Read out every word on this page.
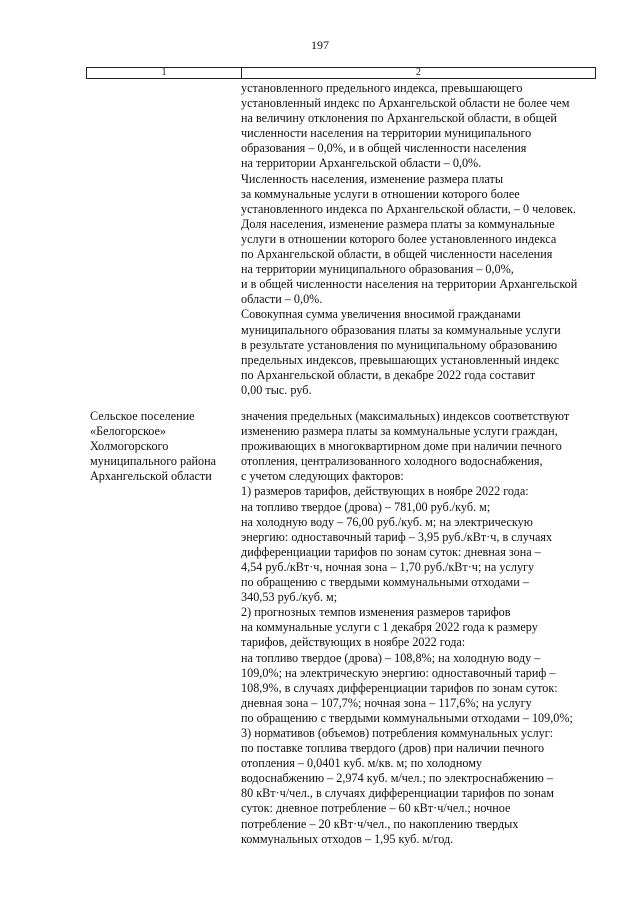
197
1	2
установленного предельного индекса, превышающего
установленный индекс по Архангельской области не более чем
на величину отклонения по Архангельской области, в общей
численности населения на территории муниципального
образования – 0,0%, и в общей численности населения
на территории Архангельской области – 0,0%.
Численность населения, изменение размера платы
за коммунальные услуги в отношении которого более
установленного индекса по Архангельской области, – 0 человек.
Доля населения, изменение размера платы за коммунальные
услуги в отношении которого более установленного индекса
по Архангельской области, в общей численности населения
на территории муниципального образования – 0,0%,
и в общей численности населения на территории Архангельской
области – 0,0%.
Совокупная сумма увеличения вносимой гражданами
муниципального образования платы за коммунальные услуги
в результате установления по муниципальному образованию
предельных индексов, превышающих установленный индекс
по Архангельской области, в декабре 2022 года составит
0,00 тыс. руб.
Сельское поселение
«Белогорское»
Холмогорского
муниципального района
Архангельской области
значения предельных (максимальных) индексов соответствуют
изменению размера платы за коммунальные услуги граждан,
проживающих в многоквартирном доме при наличии печного
отопления, централизованного холодного водоснабжения,
с учетом следующих факторов:
1) размеров тарифов, действующих в ноябре 2022 года:
на топливо твердое (дрова) – 781,00 руб./куб. м;
на холодную воду – 76,00 руб./куб. м; на электрическую
энергию: одноставочный тариф – 3,95 руб./кВт·ч, в случаях
дифференциации тарифов по зонам суток: дневная зона –
4,54 руб./кВт·ч, ночная зона – 1,70 руб./кВт·ч; на услугу
по обращению с твердыми коммунальными отходами –
340,53 руб./куб. м;
2) прогнозных темпов изменения размеров тарифов
на коммунальные услуги с 1 декабря 2022 года к размеру
тарифов, действующих в ноябре 2022 года:
на топливо твердое (дрова) – 108,8%; на холодную воду –
109,0%; на электрическую энергию: одноставочный тариф –
108,9%, в случаях дифференциации тарифов по зонам суток:
дневная зона – 107,7%; ночная зона – 117,6%; на услугу
по обращению с твердыми коммунальными отходами – 109,0%;
3) нормативов (объемов) потребления коммунальных услуг:
по поставке топлива твердого (дров) при наличии печного
отопления – 0,0401 куб. м/кв. м; по холодному
водоснабжению – 2,974 куб. м/чел.; по электроснабжению –
80 кВт·ч/чел., в случаях дифференциации тарифов по зонам
суток: дневное потребление – 60 кВт·ч/чел.; ночное
потребление – 20 кВт·ч/чел., по накоплению твердых
коммунальных отходов – 1,95 куб. м/год.
